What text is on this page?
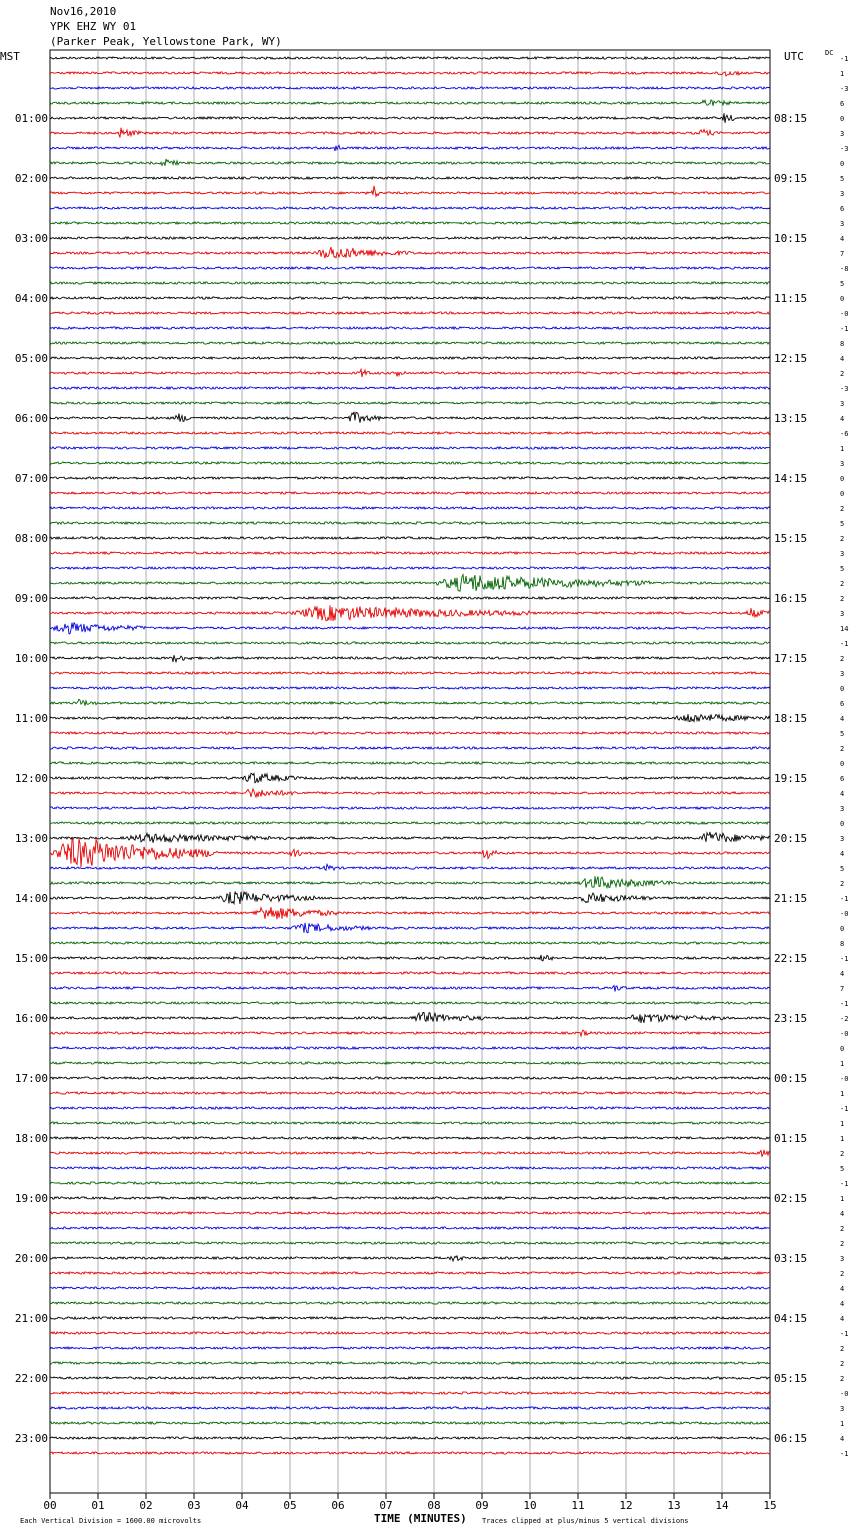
Nov16,2010
YPK EHZ WY 01
(Parker Peak, Yellowstone Park, WY)
00	01	02	03	04	05	06	07	08	09	10	11	12	13	14	15
-1
1
-3
6
0
3
-3
0
5
3
6
3
4
7
-8
5
0
-0
-1
8
4
2
-3
3
4
-6
1
3
0
0
2
5
2
3
5
2
2
3
14
-1
2
3
0
6
4
5
2
0
6
4
3
0
3
4
5
2
-1
-0
0
8
-1
4
7
-1
-2
-0
0
1
-0
1
-1
1
1
2
5
-1
1
4
2
2
3
2
4
4
4
-1
2
2
2
-0
3
1
4
-1
01:00	08:15
02:00	09:15
03:00	10:15
04:00	11:15
05:00	12:15
06:00	13:15
07:00	14:15
08:00	15:15
09:00	16:15
10:00	17:15
11:00	18:15
12:00	19:15
13:00	20:15
14:00	21:15
15:00	22:15
16:00	23:15
17:00	00:15
18:00	01:15
19:00	02:15
20:00	03:15
21:00	04:15
22:00	05:15
23:00	06:15
MST	UTC	DC
TIME (MINUTES)
Each Vertical Division = 1600.00 microvolts	Traces clipped at plus/minus 5 vertical divisions
